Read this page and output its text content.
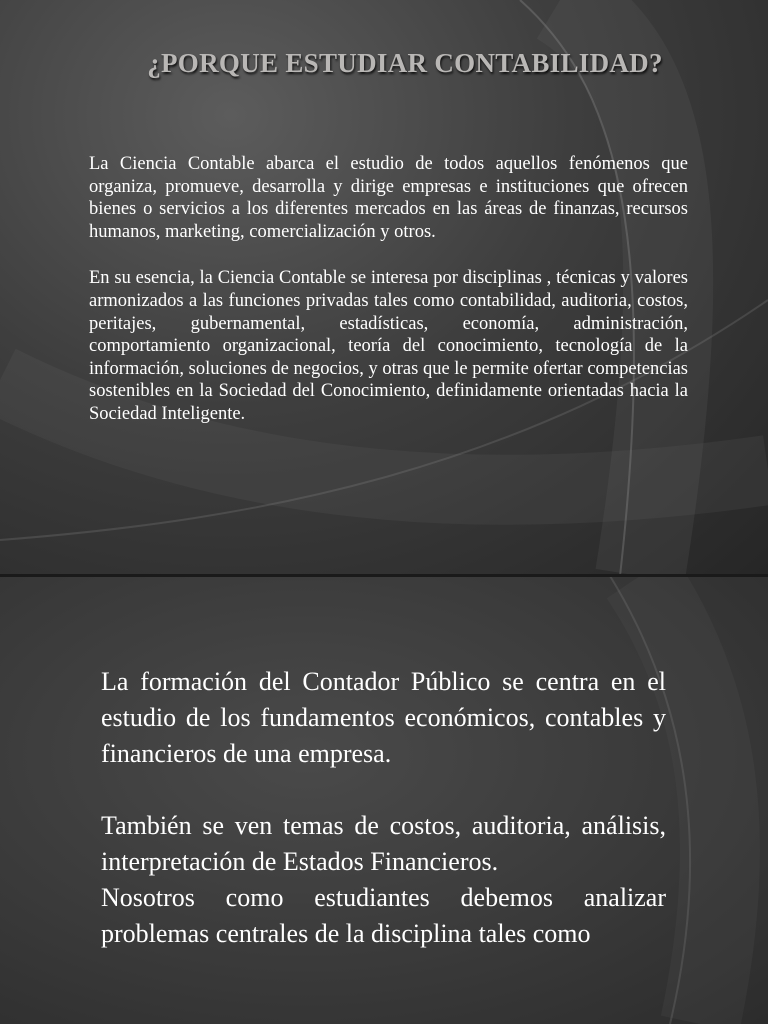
¿PORQUE ESTUDIAR CONTABILIDAD?

La Ciencia Contable abarca el estudio de todos aquellos fenómenos que organiza, promueve, desarrolla y dirige empresas e instituciones que ofrecen bienes o servicios a los diferentes mercados en las áreas de finanzas, recursos humanos, marketing, comercialización y otros.

En su esencia, la Ciencia Contable se interesa por disciplinas , técnicas y valores armonizados a las funciones privadas tales como contabilidad, auditoria, costos, peritajes, gubernamental, estadísticas, economía, administración, comportamiento organizacional, teoría del conocimiento, tecnología de la información, soluciones de negocios, y otras que le permite ofertar competencias sostenibles en la Sociedad del Conocimiento, definidamente orientadas hacia la Sociedad Inteligente.

La formación del Contador Público se centra en el estudio de los fundamentos económicos, contables y financieros de una empresa.

También se ven temas de costos, auditoria, análisis, interpretación de Estados Financieros.

Nosotros como estudiantes debemos analizar problemas centrales de la disciplina tales como
